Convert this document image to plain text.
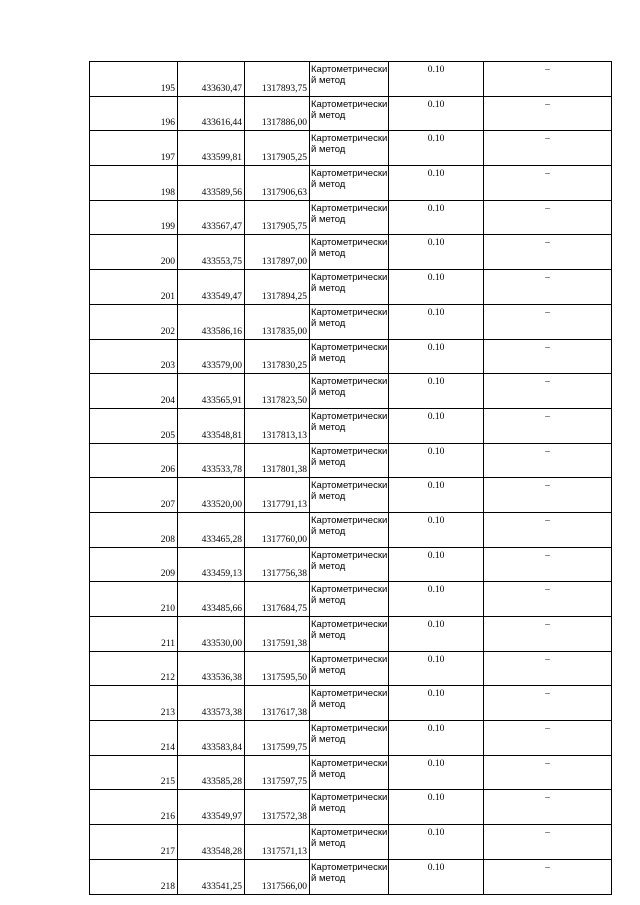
195	433630,47	1317893,75	Картометрический метод	0.10	–
196	433616,44	1317886,00	Картометрический метод	0.10	–
197	433599,81	1317905,25	Картометрический метод	0.10	–
198	433589,56	1317906,63	Картометрический метод	0.10	–
199	433567,47	1317905,75	Картометрический метод	0.10	–
200	433553,75	1317897,00	Картометрический метод	0.10	–
201	433549,47	1317894,25	Картометрический метод	0.10	–
202	433586,16	1317835,00	Картометрический метод	0.10	–
203	433579,00	1317830,25	Картометрический метод	0.10	–
204	433565,91	1317823,50	Картометрический метод	0.10	–
205	433548,81	1317813,13	Картометрический метод	0.10	–
206	433533,78	1317801,38	Картометрический метод	0.10	–
207	433520,00	1317791,13	Картометрический метод	0.10	–
208	433465,28	1317760,00	Картометрический метод	0.10	–
209	433459,13	1317756,38	Картометрический метод	0.10	–
210	433485,66	1317684,75	Картометрический метод	0.10	–
211	433530,00	1317591,38	Картометрический метод	0.10	–
212	433536,38	1317595,50	Картометрический метод	0.10	–
213	433573,38	1317617,38	Картометрический метод	0.10	–
214	433583,84	1317599,75	Картометрический метод	0.10	–
215	433585,28	1317597,75	Картометрический метод	0.10	–
216	433549,97	1317572,38	Картометрический метод	0.10	–
217	433548,28	1317571,13	Картометрический метод	0.10	–
218	433541,25	1317566,00	Картометрический метод	0.10	–
